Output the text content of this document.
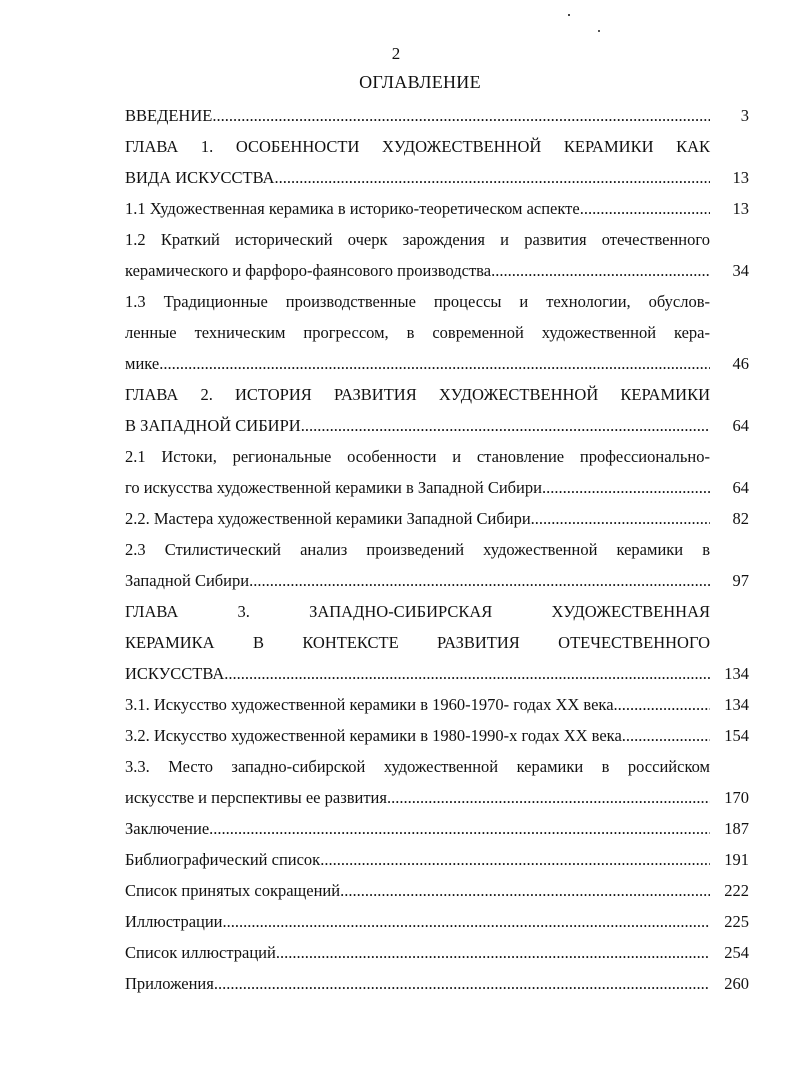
2
ОГЛАВЛЕНИЕ
ВВЕДЕНИЕ .....	3
ГЛАВА 1. ОСОБЕННОСТИ ХУДОЖЕСТВЕННОЙ КЕРАМИКИ КАК
ВИДА ИСКУССТВА .....	13
1.1 Художественная керамика в историко-теоретическом аспекте .....	13
1.2 Краткий исторический очерк зарождения и развития отечественного
керамического и фарфоро-фаянсового производства .....	34
1.3 Традиционные производственные процессы и технологии, обуслов-
ленные техническим прогрессом, в современной художественной кера-
мике .....	46
ГЛАВА 2. ИСТОРИЯ РАЗВИТИЯ ХУДОЖЕСТВЕННОЙ КЕРАМИКИ
В ЗАПАДНОЙ СИБИРИ .....	64
2.1 Истоки, региональные особенности и становление профессионально-
го искусства художественной керамики в Западной Сибири .....	64
2.2. Мастера художественной керамики Западной Сибири .....	82
2.3 Стилистический анализ произведений художественной керамики в
Западной Сибири .....	97
ГЛАВА 3. ЗАПАДНО-СИБИРСКАЯ ХУДОЖЕСТВЕННАЯ
КЕРАМИКА В КОНТЕКСТЕ РАЗВИТИЯ ОТЕЧЕСТВЕННОГО
ИСКУССТВА .....	134
3.1. Искусство художественной керамики в 1960-1970- годах ХХ века .....	134
3.2. Искусство художественной керамики в 1980-1990-х годах ХХ века .....	154
3.3. Место западно-сибирской художественной керамики в российском
искусстве и перспективы ее развития .....	170
Заключение .....	187
Библиографический список .....	191
Список принятых сокращений .....	222
Иллюстрации .....	225
Список иллюстраций .....	254
Приложения .....	260
